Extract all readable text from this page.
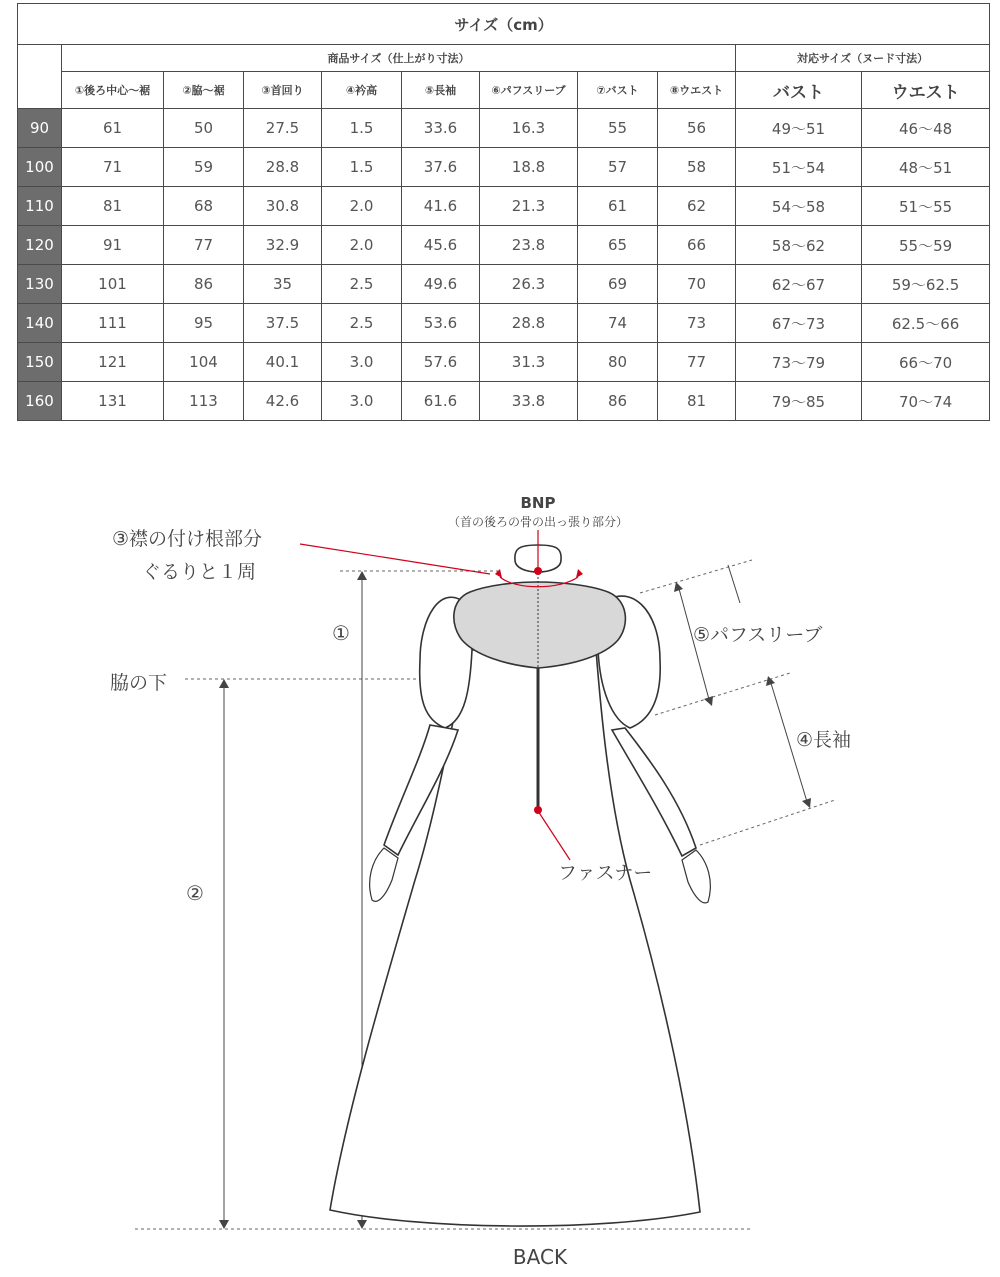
サイズ（cm）										
	商品サイズ（仕上がり寸法）								対応サイズ（ヌード寸法）	
	①後ろ中心～裾	②脇～裾	③首回り	④衿高	⑤長袖	⑥パフスリーブ	⑦バスト	⑧ウエスト	バスト	ウエスト
90	61	50	27.5	1.5	33.6	16.3	55	56	49～51	46～48
100	71	59	28.8	1.5	37.6	18.8	57	58	51～54	48～51
110	81	68	30.8	2.0	41.6	21.3	61	62	54～58	51～55
120	91	77	32.9	2.0	45.6	23.8	65	66	58～62	55～59
130	101	86	35	2.5	49.6	26.3	69	70	62～67	59～62.5
140	111	95	37.5	2.5	53.6	28.8	74	73	67～73	62.5～66
150	121	104	40.1	3.0	57.6	31.3	80	77	73～79	66～70
160	131	113	42.6	3.0	61.6	33.8	86	81	79～85	70～74
BNP
（首の後ろの骨の出っ張り部分）
③襟の付け根部分
ぐるりと１周
①
脇の下
②
⑤パフスリーブ
④長袖
ファスナー
BACK
